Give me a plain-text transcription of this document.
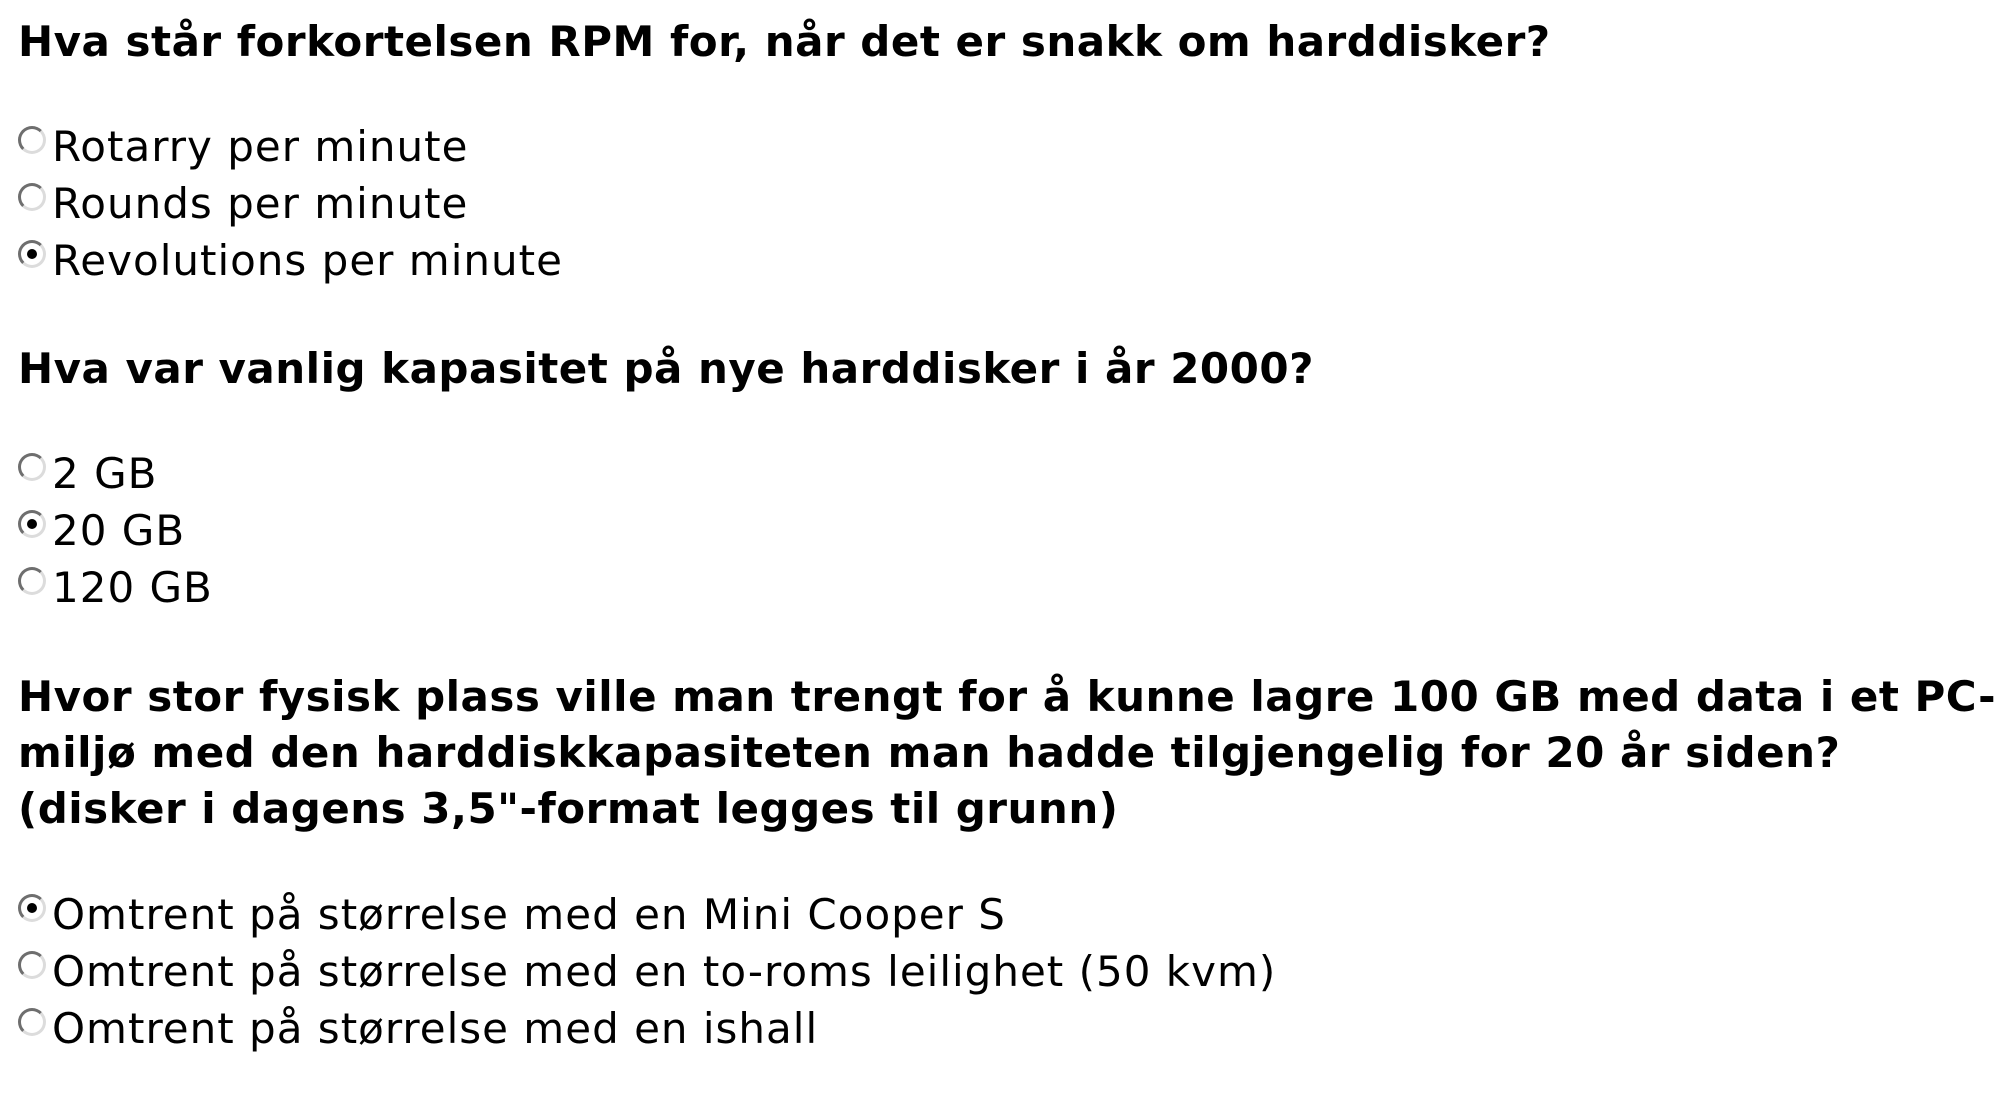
Hva står forkortelsen RPM for, når det er snakk om harddisker?

Rotarry per minute
Rounds per minute
Revolutions per minute

Hva var vanlig kapasitet på nye harddisker i år 2000?

2 GB
20 GB
120 GB

Hvor stor fysisk plass ville man trengt for å kunne lagre 100 GB med data i et PC-miljø med den harddiskkapasiteten man hadde tilgjengelig for 20 år siden? (disker i dagens 3,5"-format legges til grunn)

Omtrent på størrelse med en Mini Cooper S
Omtrent på størrelse med en to-roms leilighet (50 kvm)
Omtrent på størrelse med en ishall
